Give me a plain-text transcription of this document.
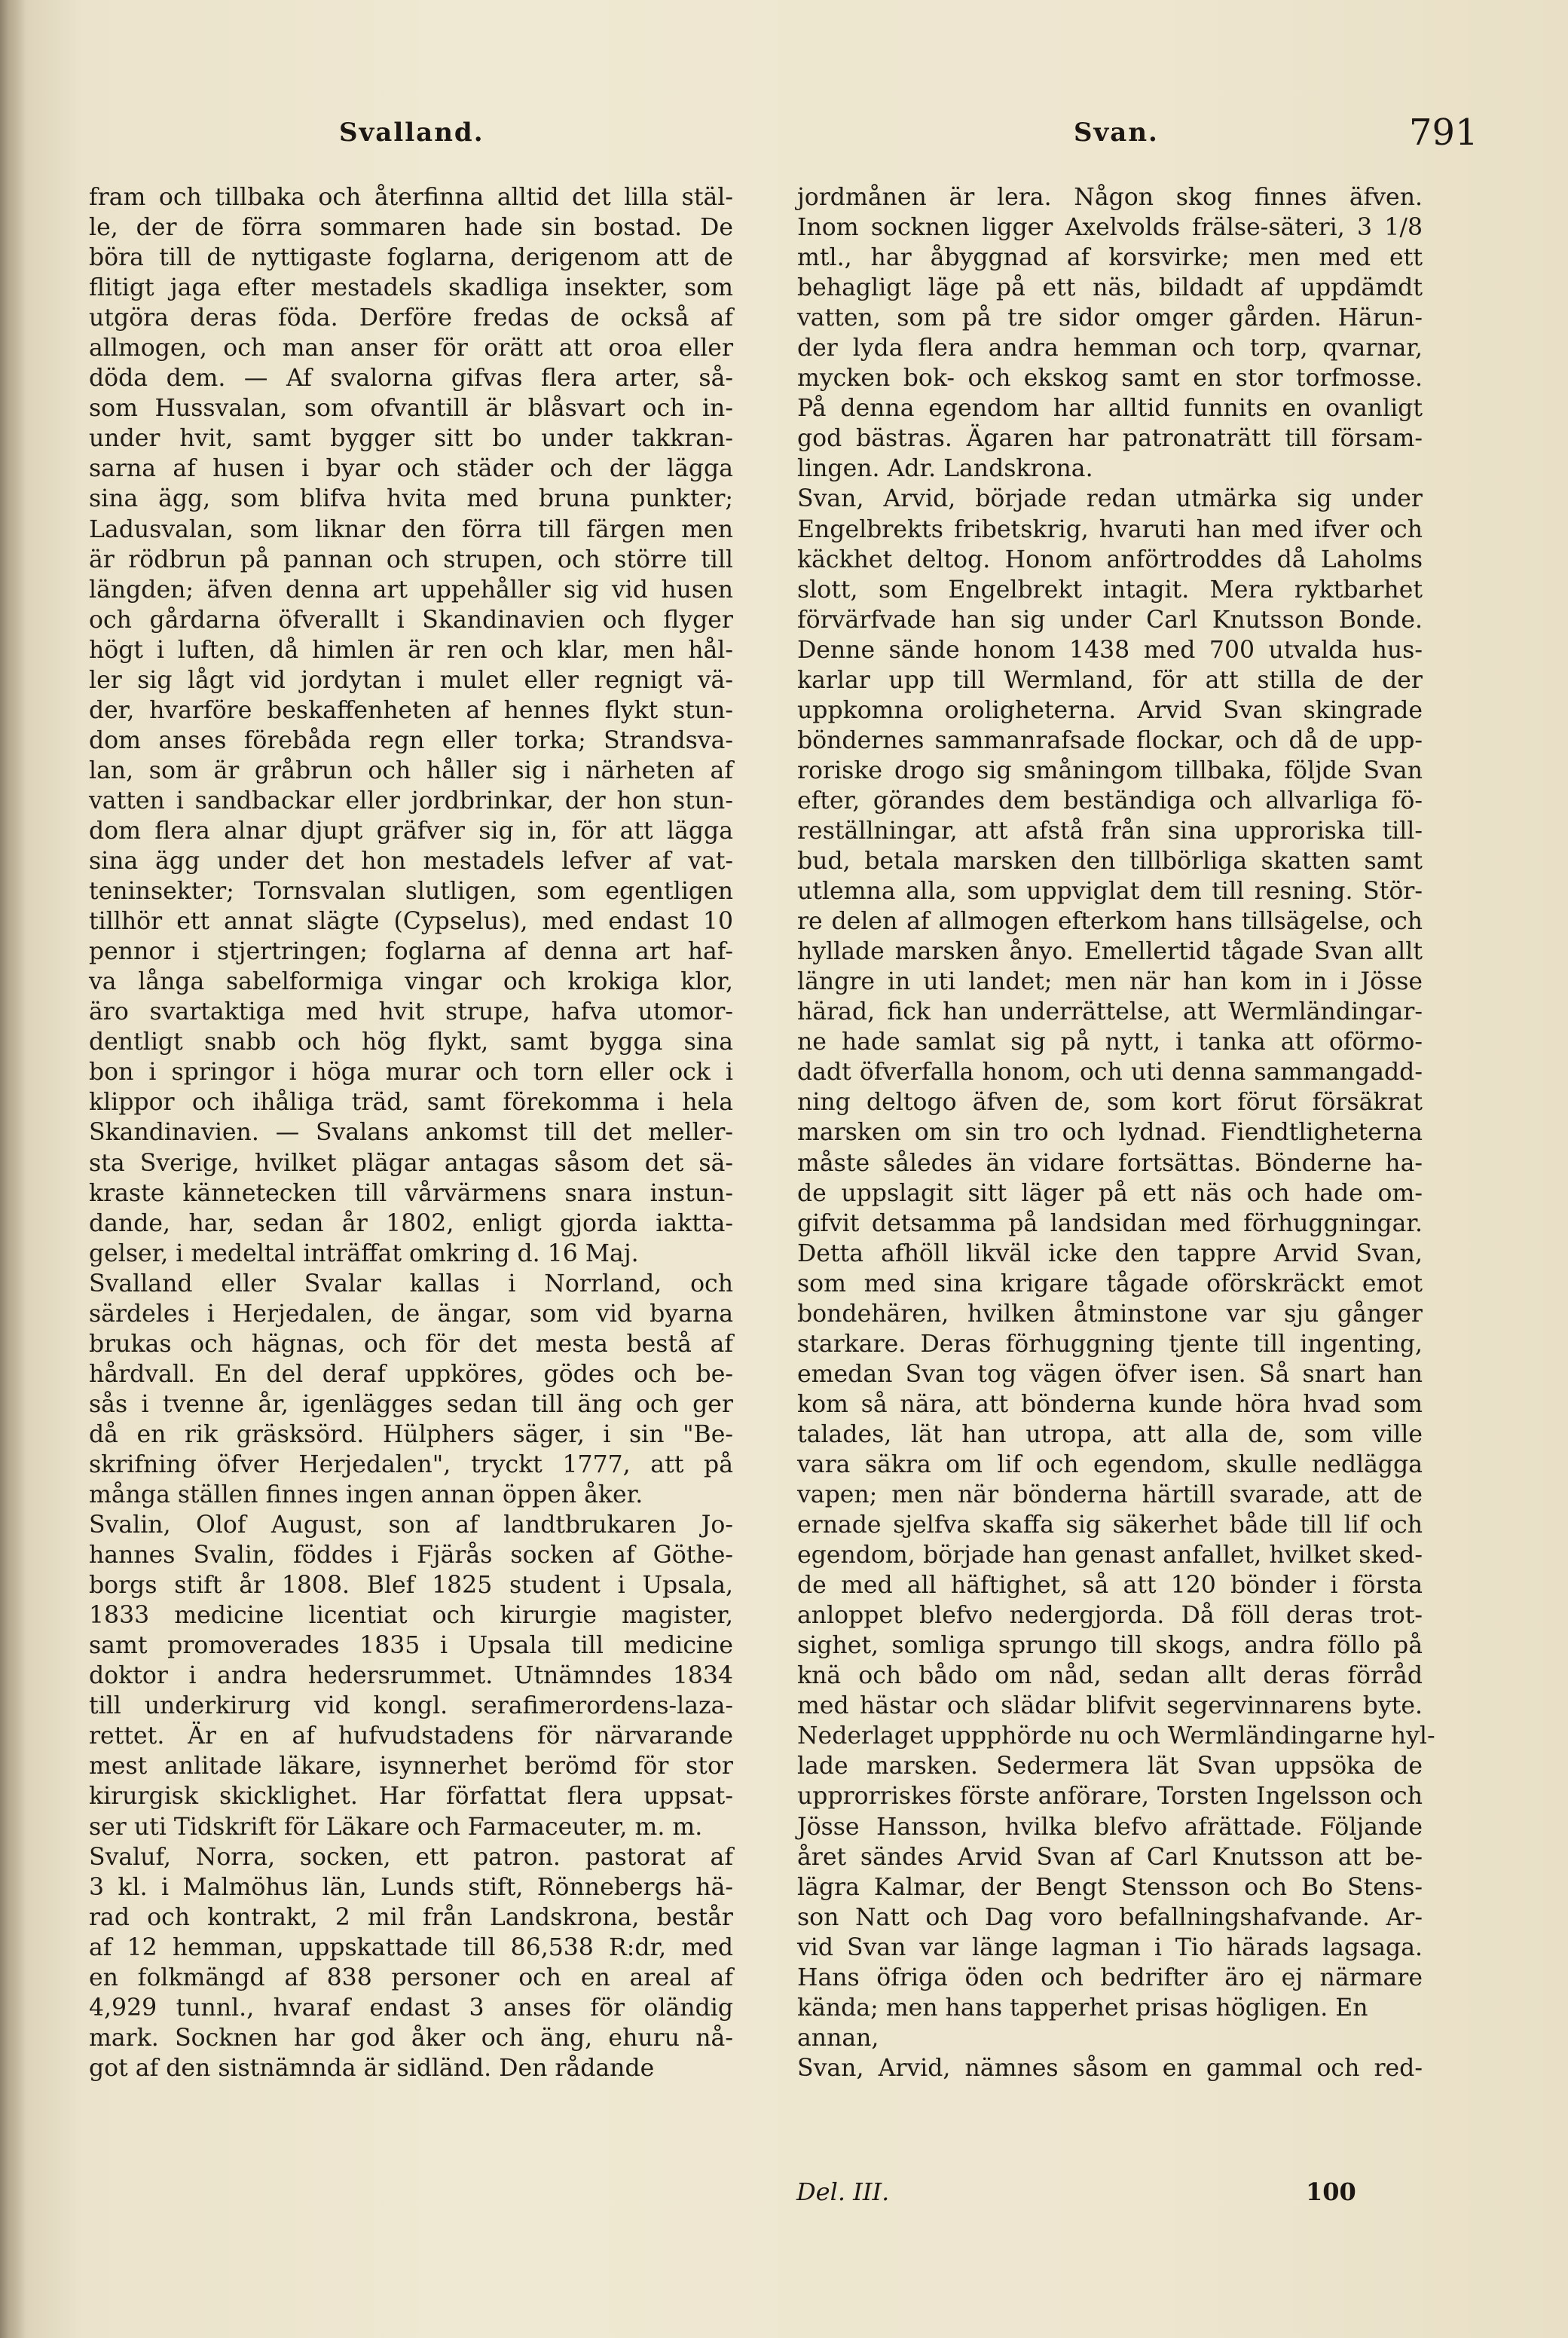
Svalland.	Svan.	791
fram och tillbaka och återfinna alltid det lilla stäl-
le, der de förra sommaren hade sin bostad. De
böra till de nyttigaste foglarna, derigenom att de
flitigt jaga efter mestadels skadliga insekter, som
utgöra deras föda. Derföre fredas de också af
allmogen, och man anser för orätt att oroa eller
döda dem. — Af svalorna gifvas flera arter, så-
som Hussvalan, som ofvantill är blåsvart och in-
under hvit, samt bygger sitt bo under takkran-
sarna af husen i byar och städer och der lägga
sina ägg, som blifva hvita med bruna punkter;
Ladusvalan, som liknar den förra till färgen men
är rödbrun på pannan och strupen, och större till
längden; äfven denna art uppehåller sig vid husen
och gårdarna öfverallt i Skandinavien och flyger
högt i luften, då himlen är ren och klar, men hål-
ler sig lågt vid jordytan i mulet eller regnigt vä-
der, hvarföre beskaffenheten af hennes flykt stun-
dom anses förebåda regn eller torka; Strandsva-
lan, som är gråbrun och håller sig i närheten af
vatten i sandbackar eller jordbrinkar, der hon stun-
dom flera alnar djupt gräfver sig in, för att lägga
sina ägg under det hon mestadels lefver af vat-
teninsekter; Tornsvalan slutligen, som egentligen
tillhör ett annat slägte (Cypselus), med endast 10
pennor i stjertringen; foglarna af denna art haf-
va långa sabelformiga vingar och krokiga klor,
äro svartaktiga med hvit strupe, hafva utomor-
dentligt snabb och hög flykt, samt bygga sina
bon i springor i höga murar och torn eller ock i
klippor och ihåliga träd, samt förekomma i hela
Skandinavien. — Svalans ankomst till det meller-
sta Sverige, hvilket plägar antagas såsom det sä-
kraste kännetecken till vårvärmens snara instun-
dande, har, sedan år 1802, enligt gjorda iaktta-
gelser, i medeltal inträffat omkring d. 16 Maj.
Svalland eller Svalar kallas i Norrland, och
särdeles i Herjedalen, de ängar, som vid byarna
brukas och hägnas, och för det mesta bestå af
hårdvall. En del deraf uppköres, gödes och be-
sås i tvenne år, igenlägges sedan till äng och ger
då en rik gräsksörd. Hülphers säger, i sin "Be-
skrifning öfver Herjedalen", tryckt 1777, att på
många ställen finnes ingen annan öppen åker.
Svalin, Olof August, son af landtbrukaren Jo-
hannes Svalin, föddes i Fjärås socken af Göthe-
borgs stift år 1808. Blef 1825 student i Upsala,
1833 medicine licentiat och kirurgie magister,
samt promoverades 1835 i Upsala till medicine
doktor i andra hedersrummet. Utnämndes 1834
till underkirurg vid kongl. serafimerordens-laza-
rettet. Är en af hufvudstadens för närvarande
mest anlitade läkare, isynnerhet berömd för stor
kirurgisk skicklighet. Har författat flera uppsat-
ser uti Tidskrift för Läkare och Farmaceuter, m. m.
Svaluf, Norra, socken, ett patron. pastorat af
3 kl. i Malmöhus län, Lunds stift, Rönnebergs hä-
rad och kontrakt, 2 mil från Landskrona, består
af 12 hemman, uppskattade till 86,538 R:dr, med
en folkmängd af 838 personer och en areal af
4,929 tunnl., hvaraf endast 3 anses för oländig
mark. Socknen har god åker och äng, ehuru nå-
got af den sistnämnda är sidländ. Den rådande
jordmånen är lera. Någon skog finnes äfven.
Inom socknen ligger Axelvolds frälse-säteri, 3 1/8
mtl., har åbyggnad af korsvirke; men med ett
behagligt läge på ett näs, bildadt af uppdämdt
vatten, som på tre sidor omger gården. Härun-
der lyda flera andra hemman och torp, qvarnar,
mycken bok- och ekskog samt en stor torfmosse.
På denna egendom har alltid funnits en ovanligt
god bästras. Ägaren har patronaträtt till försam-
lingen. Adr. Landskrona.
Svan, Arvid, började redan utmärka sig under
Engelbrekts fribetskrig, hvaruti han med ifver och
käckhet deltog. Honom anförtroddes då Laholms
slott, som Engelbrekt intagit. Mera ryktbarhet
förvärfvade han sig under Carl Knutsson Bonde.
Denne sände honom 1438 med 700 utvalda hus-
karlar upp till Wermland, för att stilla de der
uppkomna oroligheterna. Arvid Svan skingrade
böndernes sammanrafsade flockar, och då de upp-
roriske drogo sig småningom tillbaka, följde Svan
efter, görandes dem beständiga och allvarliga fö-
reställningar, att afstå från sina upproriska till-
bud, betala marsken den tillbörliga skatten samt
utlemna alla, som uppviglat dem till resning. Stör-
re delen af allmogen efterkom hans tillsägelse, och
hyllade marsken ånyo. Emellertid tågade Svan allt
längre in uti landet; men när han kom in i Jösse
härad, fick han underrättelse, att Wermländingar-
ne hade samlat sig på nytt, i tanka att oförmo-
dadt öfverfalla honom, och uti denna sammangadd-
ning deltogo äfven de, som kort förut försäkrat
marsken om sin tro och lydnad. Fiendtligheterna
måste således än vidare fortsättas. Bönderne ha-
de uppslagit sitt läger på ett näs och hade om-
gifvit detsamma på landsidan med förhuggningar.
Detta afhöll likväl icke den tappre Arvid Svan,
som med sina krigare tågade oförskräckt emot
bondehären, hvilken åtminstone var sju gånger
starkare. Deras förhuggning tjente till ingenting,
emedan Svan tog vägen öfver isen. Så snart han
kom så nära, att bönderna kunde höra hvad som
talades, lät han utropa, att alla de, som ville
vara säkra om lif och egendom, skulle nedlägga
vapen; men när bönderna härtill svarade, att de
ernade sjelfva skaffa sig säkerhet både till lif och
egendom, började han genast anfallet, hvilket sked-
de med all häftighet, så att 120 bönder i första
anloppet blefvo nedergjorda. Då föll deras trot-
sighet, somliga sprungo till skogs, andra föllo på
knä och bådo om nåd, sedan allt deras förråd
med hästar och slädar blifvit segervinnarens byte.
Nederlaget uppphörde nu och Wermländingarne hyl-
lade marsken. Sedermera lät Svan uppsöka de
upprorriskes förste anförare, Torsten Ingelsson och
Jösse Hansson, hvilka blefvo afrättade. Följande
året sändes Arvid Svan af Carl Knutsson att be-
lägra Kalmar, der Bengt Stensson och Bo Stens-
son Natt och Dag voro befallningshafvande. Ar-
vid Svan var länge lagman i Tio härads lagsaga.
Hans öfriga öden och bedrifter äro ej närmare
kända; men hans tapperhet prisas högligen. En
annan,
Svan, Arvid, nämnes såsom en gammal och red-
Del. III.	100
